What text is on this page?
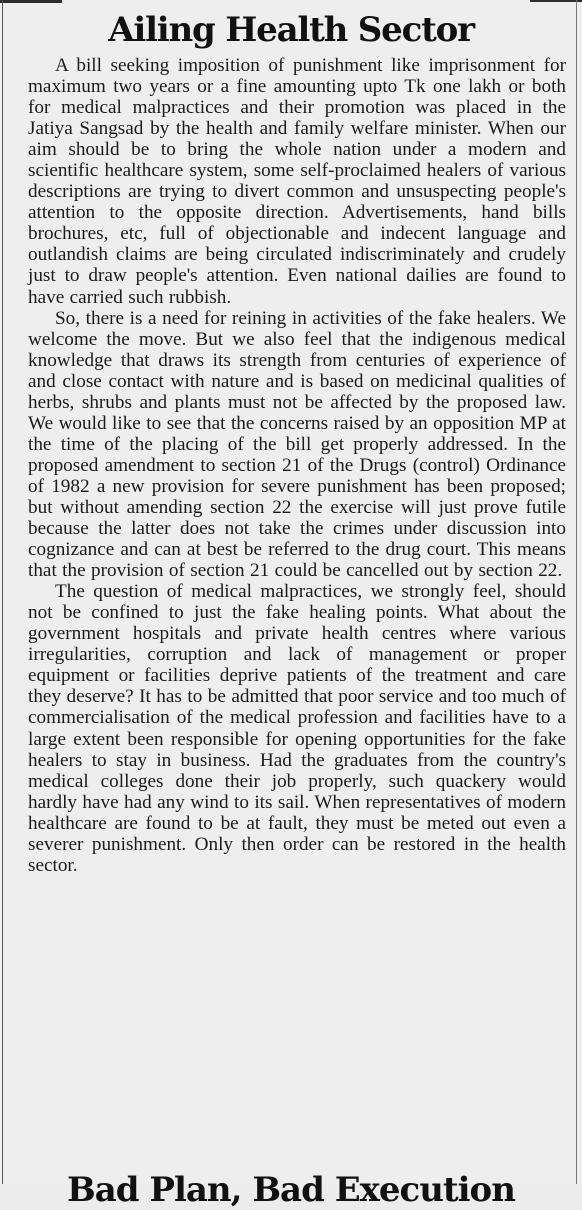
Ailing Health Sector

A bill seeking imposition of punishment like imprisonment for maximum two years or a fine amounting upto Tk one lakh or both for medical malpractices and their promotion was placed in the Jatiya Sangsad by the health and family welfare minister. When our aim should be to bring the whole nation under a modern and scientific healthcare system, some self-proclaimed healers of various descriptions are trying to divert common and unsuspecting people's attention to the opposite direction. Advertisements, hand bills brochures, etc, full of objectionable and indecent language and outlandish claims are being circulated indiscriminately and crudely just to draw people's attention. Even national dailies are found to have carried such rubbish.

So, there is a need for reining in activities of the fake healers. We welcome the move. But we also feel that the indigenous medical knowledge that draws its strength from centuries of experience of and close contact with nature and is based on medicinal qualities of herbs, shrubs and plants must not be affected by the proposed law. We would like to see that the concerns raised by an opposition MP at the time of the placing of the bill get properly addressed. In the proposed amendment to section 21 of the Drugs (control) Ordinance of 1982 a new provision for severe punishment has been proposed; but without amending section 22 the exercise will just prove futile because the latter does not take the crimes under discussion into cognizance and can at best be referred to the drug court. This means that the provision of section 21 could be cancelled out by section 22.

The question of medical malpractices, we strongly feel, should not be confined to just the fake healing points. What about the government hospitals and private health centres where various irregularities, corruption and lack of management or proper equipment or facilities deprive patients of the treatment and care they deserve? It has to be admitted that poor service and too much of commercialisation of the medical profession and facilities have to a large extent been responsible for opening opportunities for the fake healers to stay in business. Had the graduates from the country's medical colleges done their job properly, such quackery would hardly have had any wind to its sail. When representatives of modern healthcare are found to be at fault, they must be meted out even a severer punishment. Only then order can be restored in the health sector.

Bad Plan, Bad Execution
